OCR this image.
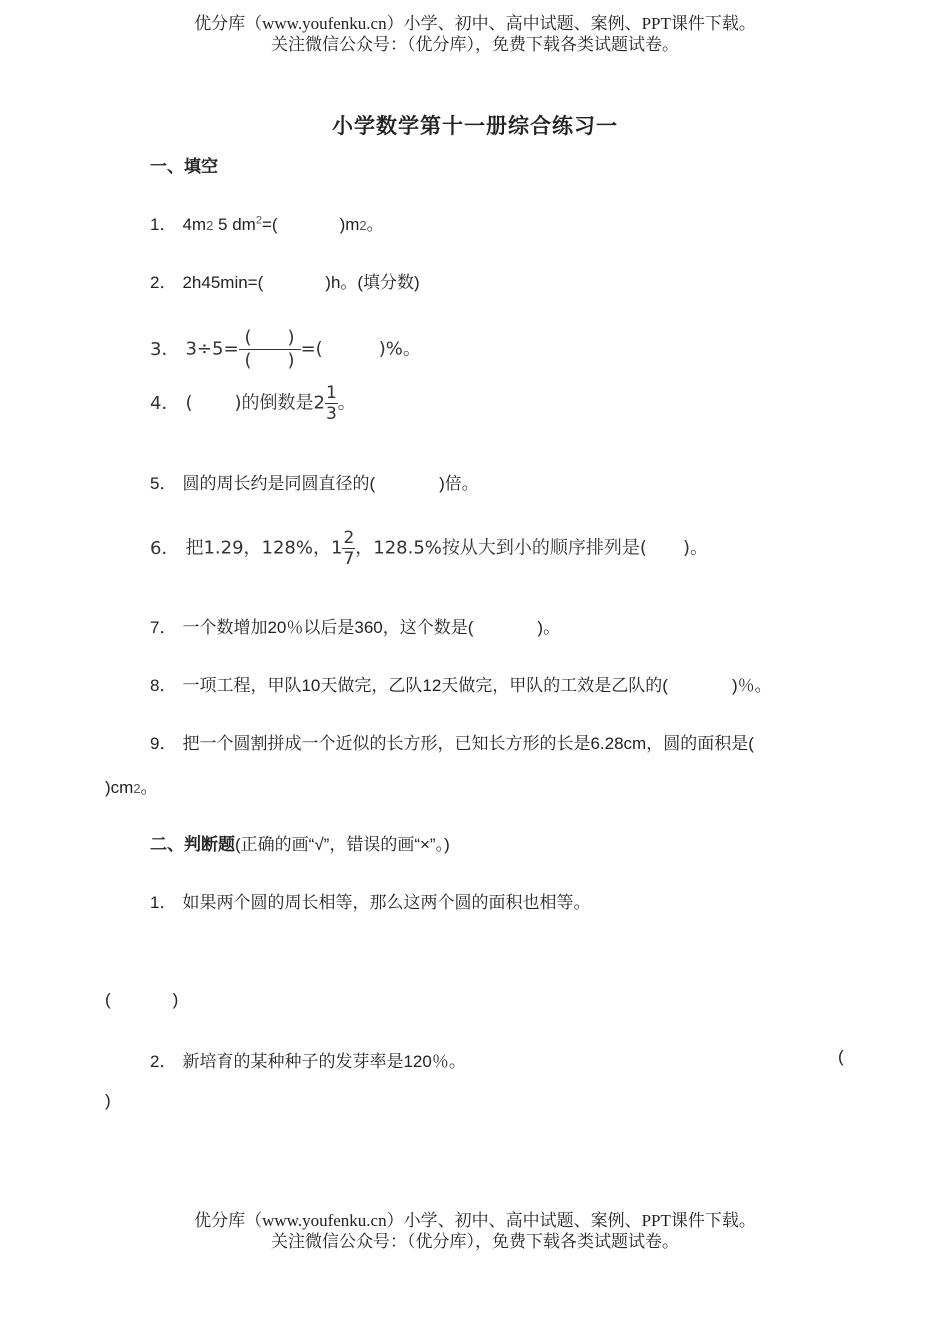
优分库（www.youfenku.cn）小学、初中、高中试题、案例、PPT课件下载。
关注微信公众号：（优分库），免费下载各类试题试卷。
小学数学第十一册综合练习一
一、填空
1． 4m2 5 $dm^2=$(	)m2。
2． 2h45min=(	)h。(填分数)
3． $3\div 5= \frac{( )}{( )}$ =(	)%。
4． ( )的倒数是$2 \frac{1}{3}$ 。
5． 圆的周长约是同圆直径的(	)倍。
6． 把1.29，128%，$1 \frac{2}{7}$ ，128.5%按从大到小的顺序排列是( )。
7． 一个数增加20％以后是360，这个数是(	)。
8． 一项工程，甲队10天做完，乙队12天做完，甲队的工效是乙队的(	)％。
9． 把一个圆割拼成一个近似的长方形，已知长方形的长是6.28cm，圆的面积是(
)cm2。
二、判断题(正确的画“√”，错误的画“×”。)
1． 如果两个圆的周长相等，那么这两个圆的面积也相等。
(	)
2． 新培育的某种种子的发芽率是120％。	(
)
优分库（www.youfenku.cn）小学、初中、高中试题、案例、PPT课件下载。
关注微信公众号：（优分库），免费下载各类试题试卷。
